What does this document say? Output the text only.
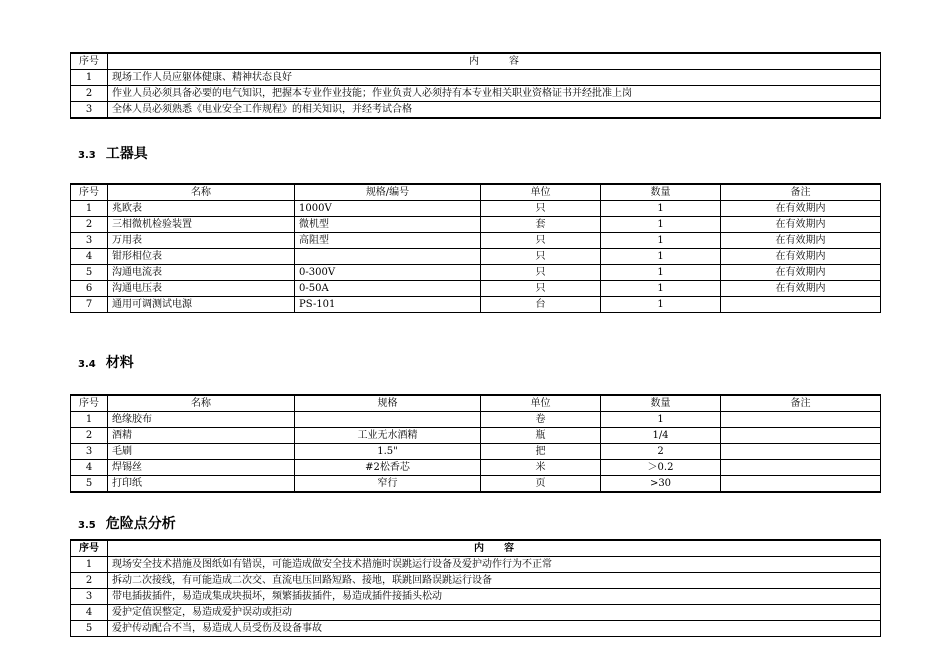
序号	内　　　容
1	现场工作人员应躯体健康、精神状态良好
2	作业人员必须具备必要的电气知识，把握本专业作业技能；作业负责人必须持有本专业相关职业资格证书并经批准上岗
3	全体人员必须熟悉《电业安全工作规程》的相关知识，并经考试合格
3.3 工器具
序号	名称	规格/编号	单位	数量	备注
1	兆欧表	1000V	只	1	在有效期内
2	三相微机检验装置	微机型	套	1	在有效期内
3	万用表	高阻型	只	1	在有效期内
4	钳形相位表		只	1	在有效期内
5	沟通电流表	0-300V	只	1	在有效期内
6	沟通电压表	0-50A	只	1	在有效期内
7	通用可调测试电源	PS-101	台	1	
3.4 材料
序号	名称	规格	单位	数量	备注
1	绝缘胶布		卷	1	
2	酒精	工业无水酒精	瓶	1/4	
3	毛刷	1.5"	把	2	
4	焊锡丝	#2松香芯	米	＞0.2	
5	打印纸	窄行	页	>30	
3.5 危险点分析
序号	内　　容
1	现场安全技术措施及图纸如有错误，可能造成做安全技术措施时误跳运行设备及爱护动作行为不正常
2	拆动二次接线，有可能造成二次交、直流电压回路短路、接地，联跳回路误跳运行设备
3	带电插拔插件，易造成集成块损坏，频繁插拔插件，易造成插件接插头松动
4	爱护定值误整定，易造成爱护误动或拒动
5	爱护传动配合不当，易造成人员受伤及设备事故
